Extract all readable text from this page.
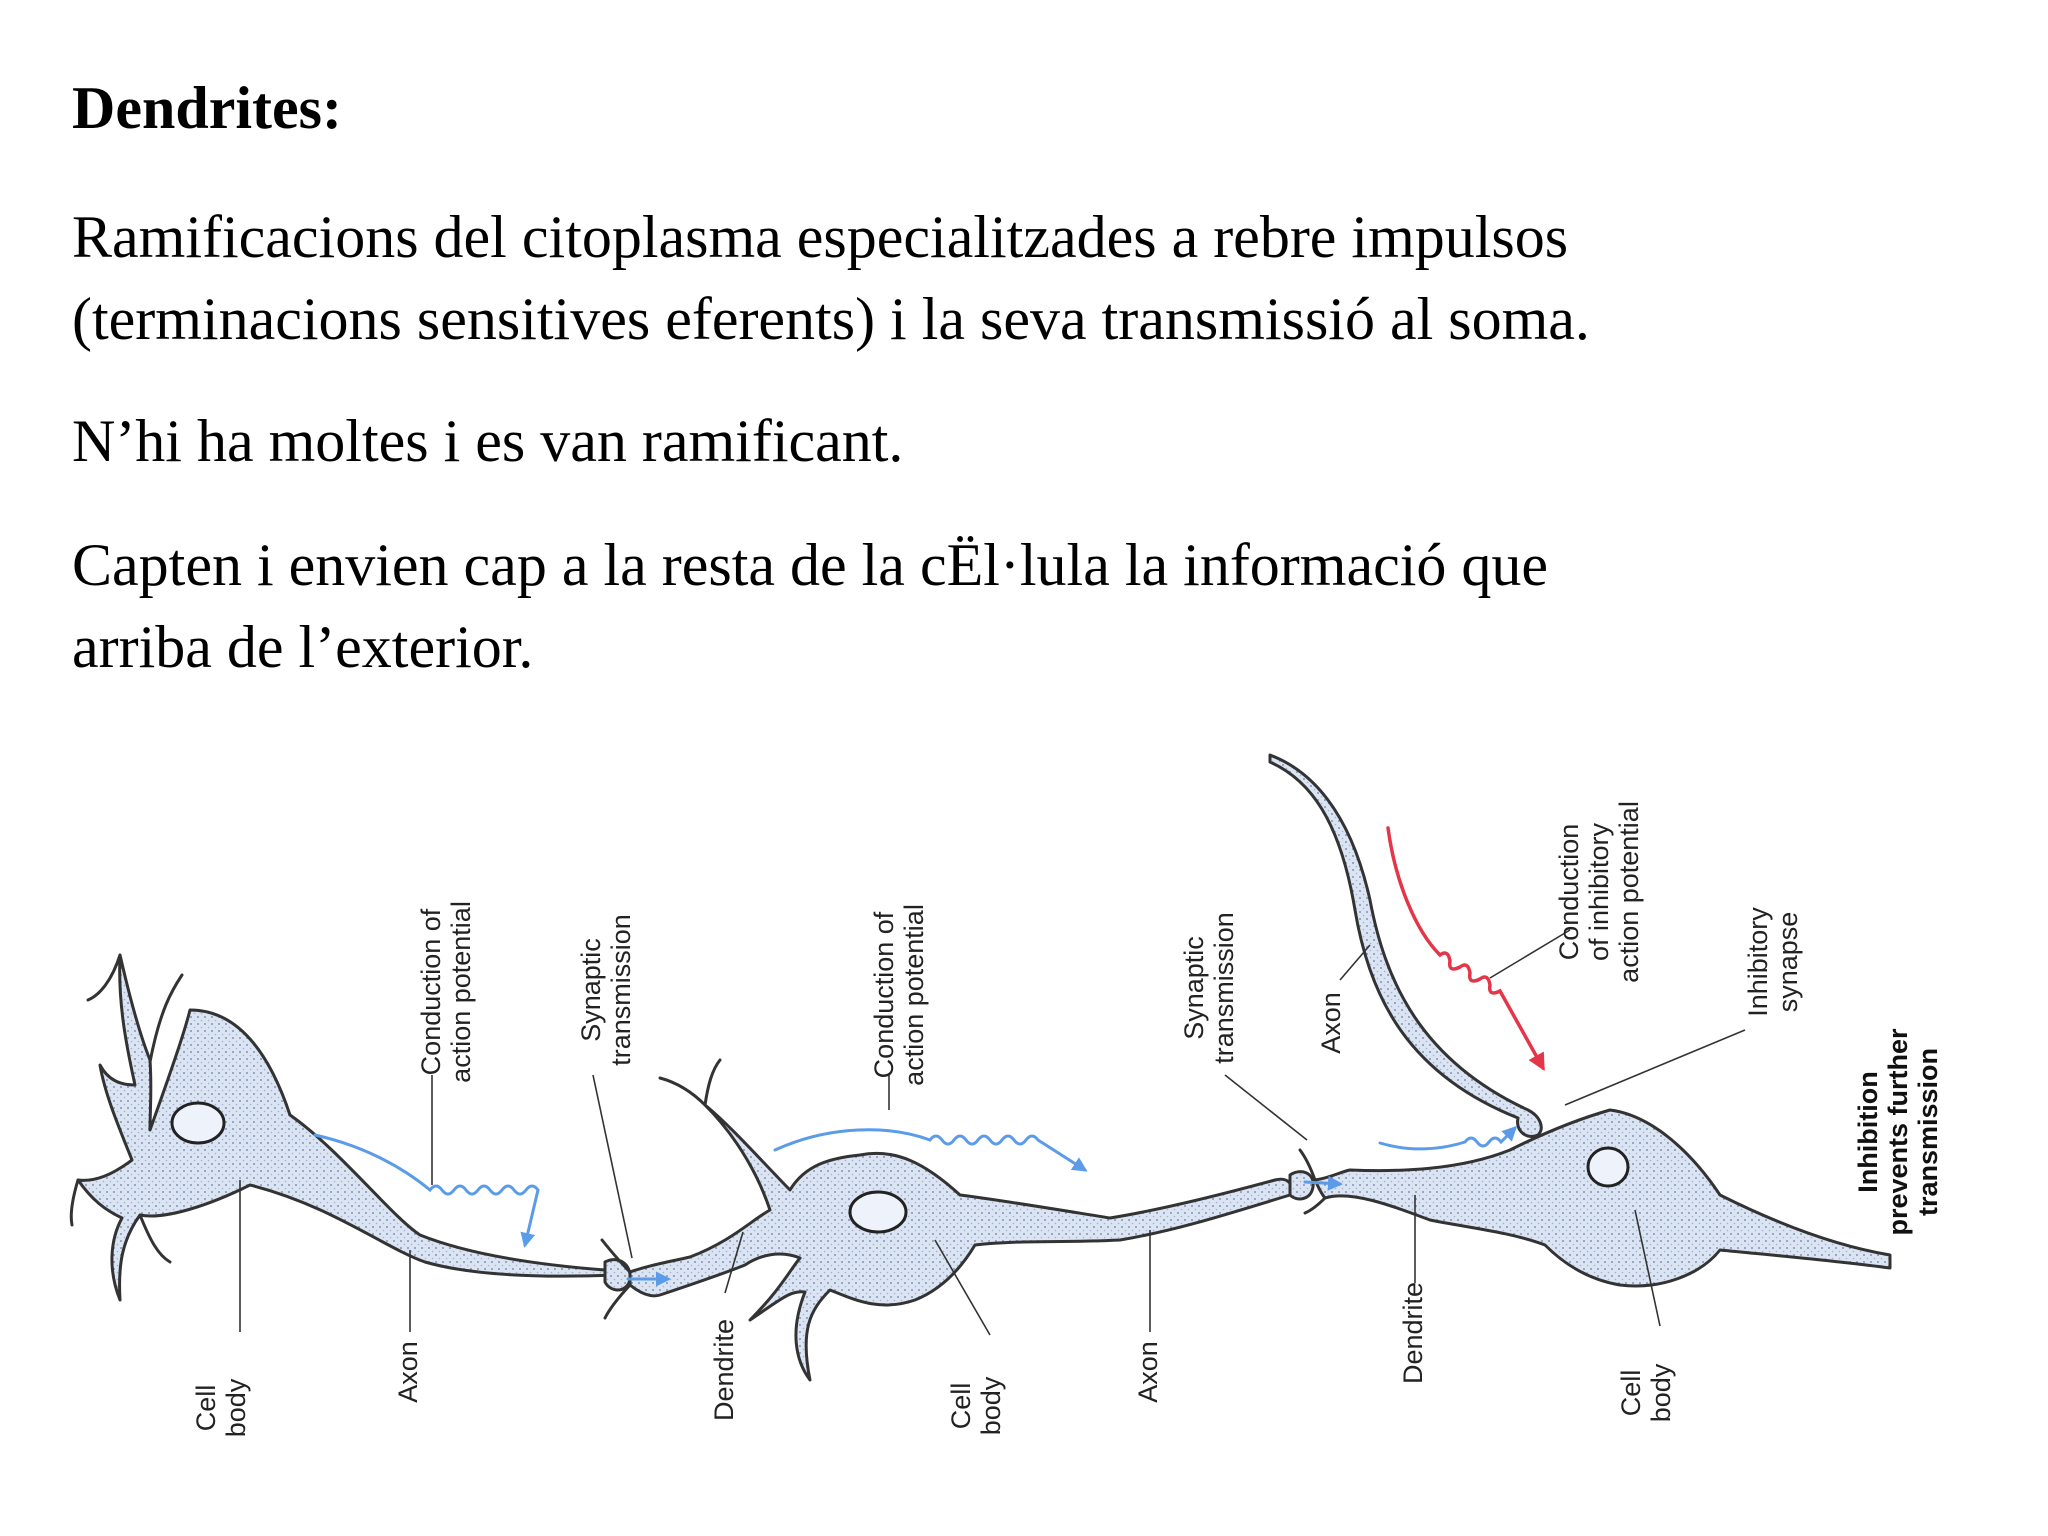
Dendrites:

Ramificacions del citoplasma especialitzades a rebre impulsos
(terminacions sensitives eferents) i la seva transmissió al soma.

N’hi ha moltes i es van ramificant.

Capten i envien cap a la resta de la cËl·lula la informació que
arriba de l’exterior.

Cell body
Axon
Conduction of action potential	Synaptic transmission
Dendrite
Conduction of action potential
Cell body
Axon
Synaptic transmission	Axon
Conduction of inhibitory action potential	Inhibitory synapse
Dendrite
Cell body
Inhibition prevents further transmission
